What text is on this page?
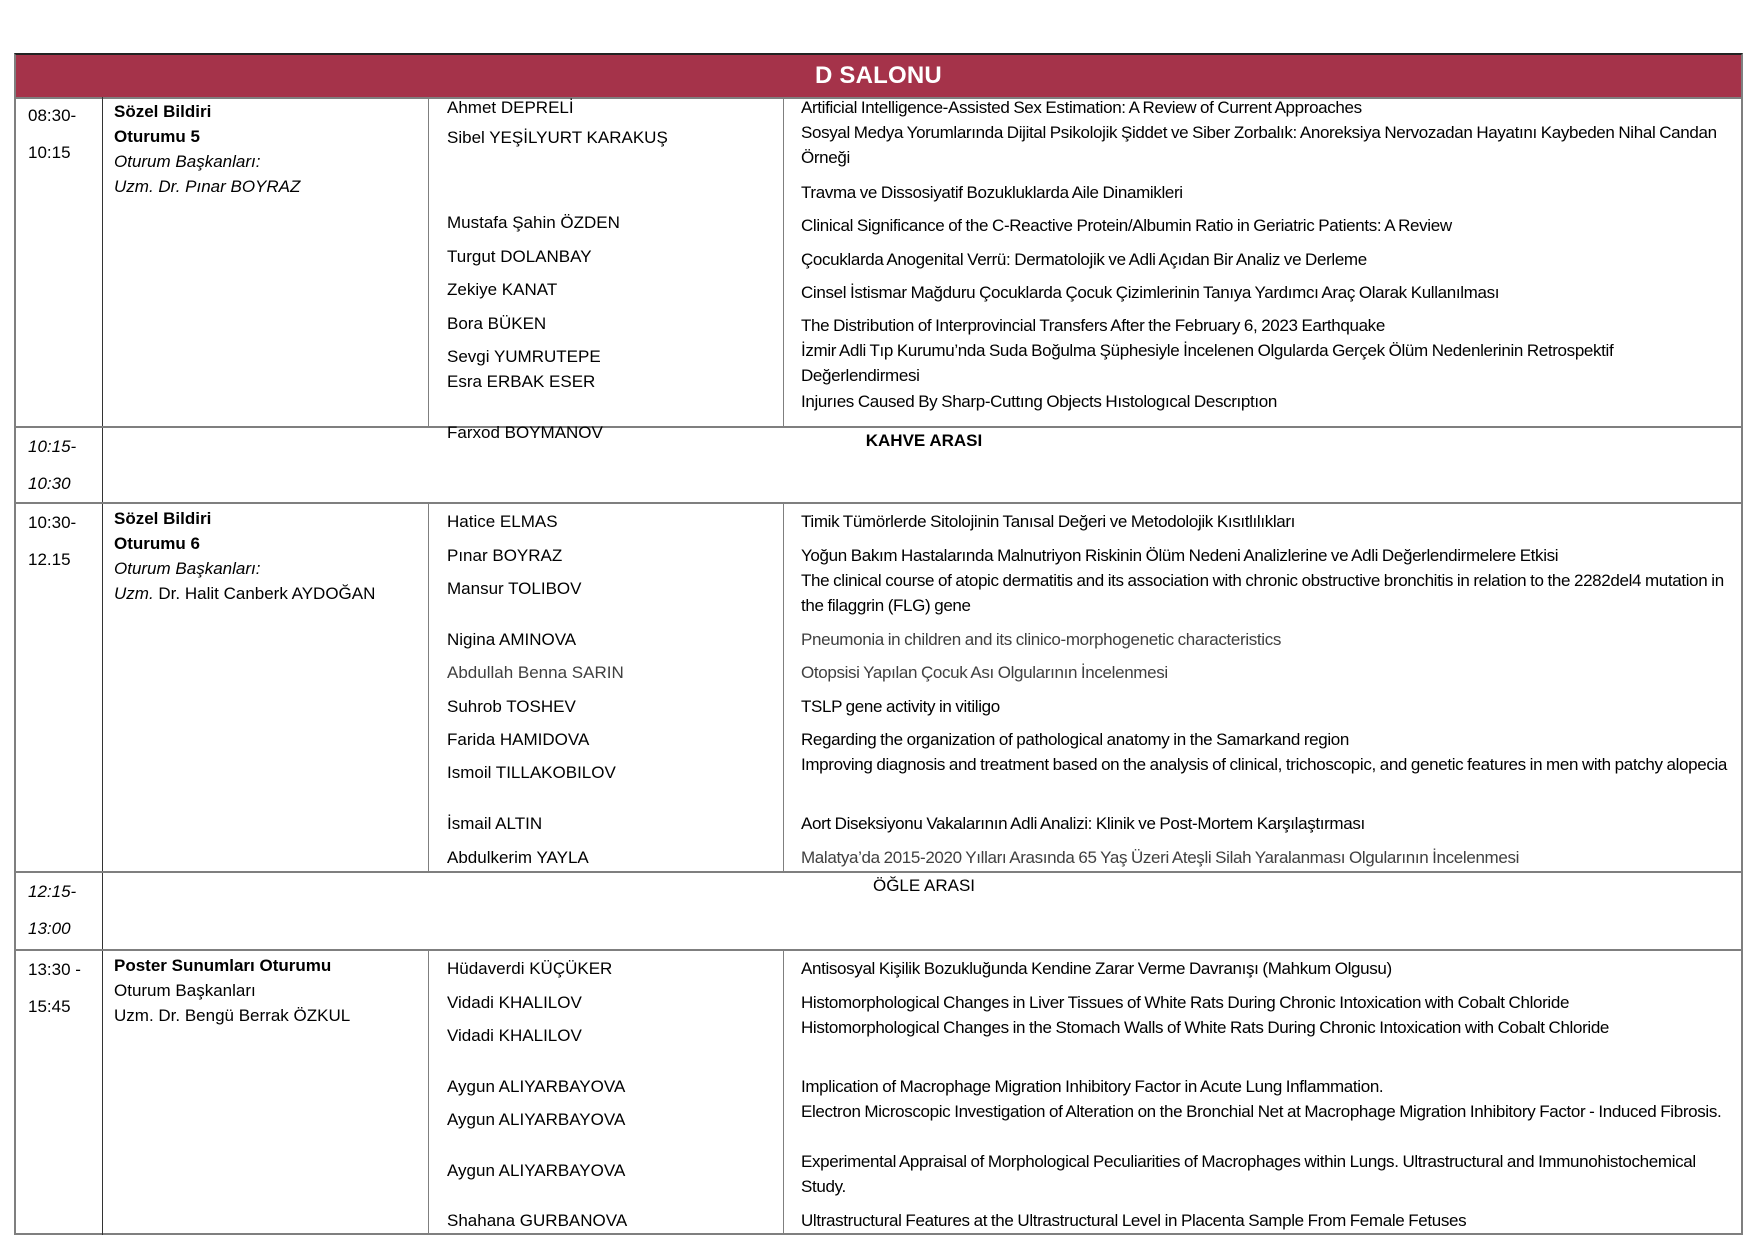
D SALONU
08:30-
10:15
Sözel Bildiri
Oturumu 5
Oturum Başkanları:
Uzm. Dr. Pınar BOYRAZ
Ahmet DEPRELİ
Sibel YEŞİLYURT KARAKUŞ
Mustafa Şahin ÖZDEN
Turgut DOLANBAY
Zekiye KANAT
Bora BÜKEN
Sevgi YUMRUTEPE
Esra ERBAK ESER
Farxod BOYMANOV
Artificial Intelligence-Assisted Sex Estimation: A Review of Current Approaches
Sosyal Medya Yorumlarında Dijital Psikolojik Şiddet ve Siber Zorbalık: Anoreksiya Nervozadan Hayatını Kaybeden Nihal Candan Örneği
Travma ve Dissosiyatif Bozukluklarda Aile Dinamikleri
Clinical Significance of the C-Reactive Protein/Albumin Ratio in Geriatric Patients: A Review
Çocuklarda Anogenital Verrü: Dermatolojik ve Adli Açıdan Bir Analiz ve Derleme
Cinsel İstismar Mağduru Çocuklarda Çocuk Çizimlerinin Tanıya Yardımcı Araç Olarak Kullanılması
The Distribution of Interprovincial Transfers After the February 6, 2023 Earthquake
İzmir Adli Tıp Kurumu’nda Suda Boğulma Şüphesiyle İncelenen Olgularda Gerçek Ölüm Nedenlerinin Retrospektif Değerlendirmesi
Injurıes Caused By Sharp-Cuttıng Objects Hıstologıcal Descrıptıon
10:15-
10:30
KAHVE ARASI
10:30-
12.15
Sözel Bildiri
Oturumu 6
Oturum Başkanları:
Uzm. Dr. Halit Canberk AYDOĞAN
Hatice ELMAS
Pınar BOYRAZ
Mansur TOLIBOV
Nigina AMINOVA
Abdullah Benna SARIN
Suhrob TOSHEV
Farida HAMIDOVA
Ismoil TILLAKOBILOV
İsmail ALTIN
Abdulkerim YAYLA
Timik Tümörlerde Sitolojinin Tanısal Değeri ve Metodolojik Kısıtlılıkları
Yoğun Bakım Hastalarında Malnutriyon Riskinin Ölüm Nedeni Analizlerine ve Adli Değerlendirmelere Etkisi
The clinical course of atopic dermatitis and its association with chronic obstructive bronchitis in relation to the 2282del4 mutation in the filaggrin (FLG) gene
Pneumonia in children and its clinico-morphogenetic characteristics
Otopsisi Yapılan Çocuk Ası Olgularının İncelenmesi
TSLP gene activity in vitiligo
Regarding the organization of pathological anatomy in the Samarkand region
Improving diagnosis and treatment based on the analysis of clinical, trichoscopic, and genetic features in men with patchy alopecia
Aort Diseksiyonu Vakalarının Adli Analizi: Klinik ve Post-Mortem Karşılaştırması
Malatya’da 2015-2020 Yılları Arasında 65 Yaş Üzeri Ateşli Silah Yaralanması Olgularının İncelenmesi
12:15-
13:00
ÖĞLE ARASI
13:30 -
15:45
Poster Sunumları Oturumu
Oturum Başkanları
Uzm. Dr. Bengü Berrak ÖZKUL
Hüdaverdi KÜÇÜKER
Vidadi KHALILOV
Vidadi KHALILOV
Aygun ALIYARBAYOVA
Aygun ALIYARBAYOVA
Aygun ALIYARBAYOVA
Shahana GURBANOVA
Antisosyal Kişilik Bozukluğunda Kendine Zarar Verme Davranışı (Mahkum Olgusu)
Histomorphological Changes in Liver Tissues of White Rats During Chronic Intoxication with Cobalt Chloride
Histomorphological Changes in the Stomach Walls of White Rats During Chronic Intoxication with Cobalt Chloride
Implication of Macrophage Migration Inhibitory Factor in Acute Lung Inflammation.
Electron Microscopic Investigation of Alteration on the Bronchial Net at Macrophage Migration Inhibitory Factor - Induced Fibrosis.
Experimental Appraisal of Morphological Peculiarities of Macrophages within Lungs. Ultrastructural and Immunohistochemical Study.
Ultrastructural Features at the Ultrastructural Level in Placenta Sample From Female Fetuses
